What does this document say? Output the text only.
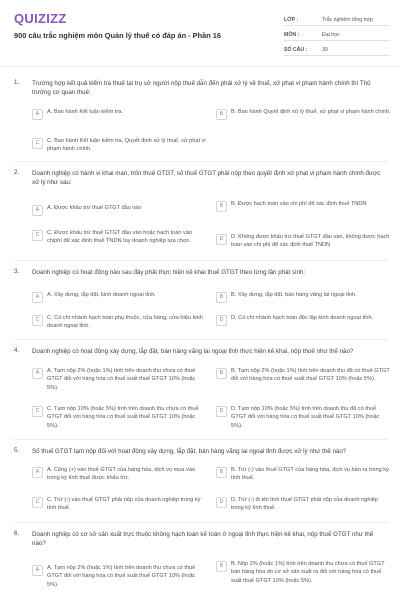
QUIZIZZ
900 câu trắc nghiệm môn Quản lý thuế có đáp án - Phần 16
LỚP :	Trắc nghiệm tổng hợp
MÔN :	Đại học
SỐ CÂU :	30
1. Trường hợp kết quả kiểm tra thuế tại trụ sở người nộp thuế dẫn đến phải xử lý về thuế, xử phạt vi phạm hành chính thì Thủ trưởng cơ quan thuế:
A	A. Ban hành Kết luận kiểm tra.	B	B. Ban hành Quyết định xử lý thuế, xử phạt vi phạm hành chính.
C	C. Ban hành Kết luận kiểm tra, Quyết định xử lý thuế, xử phạt vi phạm hành chính.
2. Doanh nghiệp có hành vi khai man, trốn thuế GTGT, số thuế GTGT phải nộp theo quyết định xử phạt vi phạm hành chính được xử lý như sau:
A	A. Được khấu trừ thuế GTGT đầu vào	B	B. Được hạch toán vào chi phí để xác định thuế TNDN
C	C. Được khấu trừ thuế GTGT đầu vào hoặc hạch toán vào chiphí để xác định thuế TNDN tùy doanh nghiệp lựa chọn.	D	D. Không được khấu trừ thuế GTGT đầu vào, không được hạch toán vào chi phí để xác định thuế TNDN
3. Doanh nghiệp có hoạt động nào sau đây phải thực hiện kê khai thuế GTGT theo từng lần phát sinh:
A	A. Xây dựng, lắp đặt, kinh doanh ngoại tỉnh.	B	B. Xây dựng, lắp đặt, bán hàng vãng lai ngoại tỉnh.
C	C. Có chi nhánh hạch toán phụ thuộc, cửa hàng, cửa hiệu kinh doanh ngoại tỉnh.
D	D. Có chi nhánh hạch toán độc lập kinh doanh ngoại tỉnh.
4. Doanh nghiệp có hoạt động xây dựng, lắp đặt, bán hàng vãng lai ngoại tỉnh thực hiện kê khai, nộp thuế như thế nào?
A	A. Tạm nộp 2% (hoặc 1%) tính trên doanh thu chưa có thuế GTGT đối với hàng hóa có thuế suất thuế GTGT 10% (hoặc 5%).
B	B. Tạm nộp 2% (hoặc 1%) tính trên doanh thu đã có thuế GTGT đối với hàng hóa có thuế suất thuế GTGT 10% (hoặc 5%).
C	C. Tạm nộp 10% (hoặc 5%) tính trên doanh thu chưa có thuế GTGT đối với hàng hóa có thuế suất thuế GTGT 10% (hoặc 5%).
D	D. Tạm nộp 10% (hoặc 5%) tính trên doanh thu đã có thuế GTGT đối với hàng hóa có thuế suất thuế GTGT 10% (hoặc 5%).
5. Số thuế GTGT tạm nộp đối với hoạt động xây dựng, lắp đặt, bán hàng vãng lai ngoại tỉnh được xử lý như thế nào?
A	A. Cộng (+) vào thuế GTGT của hàng hóa, dịch vụ mua vào trong kỳ tính thuế được khấu trừ.
B	B. Trừ (-) vào thuế GTGT của hàng hóa, dịch vụ bán ra trong kỳ tính thuế.
C	C. Trừ (-) vào thuế GTGT phải nộp của doanh nghiệp trong kỳ tính thuế.
D	D. Trừ (-) đi khi tính thuế GTGT phải nộp của doanh nghiệp trong kỳ tính thuế.
6. Doanh nghiệp có cơ sở sản xuất trực thuộc không hạch toán kế toán ở ngoại tỉnh thực hiện kê khai, nộp thuế GTGT như thế nào?
A	A. Tạm nộp 2% (hoặc 1%) tính trên doanh thu chưa có thuế GTGT đối với hàng hóa có thuế suất thuế GTGT 10% (hoặc 5%).
B	B. Nộp 2% (hoặc 1%) tính trên doanh thu chưa có thuế GTGT bán hàng hóa do cơ sở sản xuất ra đối với hàng hóa có thuế suất thuế GTGT 10% (hoặc 5%).
